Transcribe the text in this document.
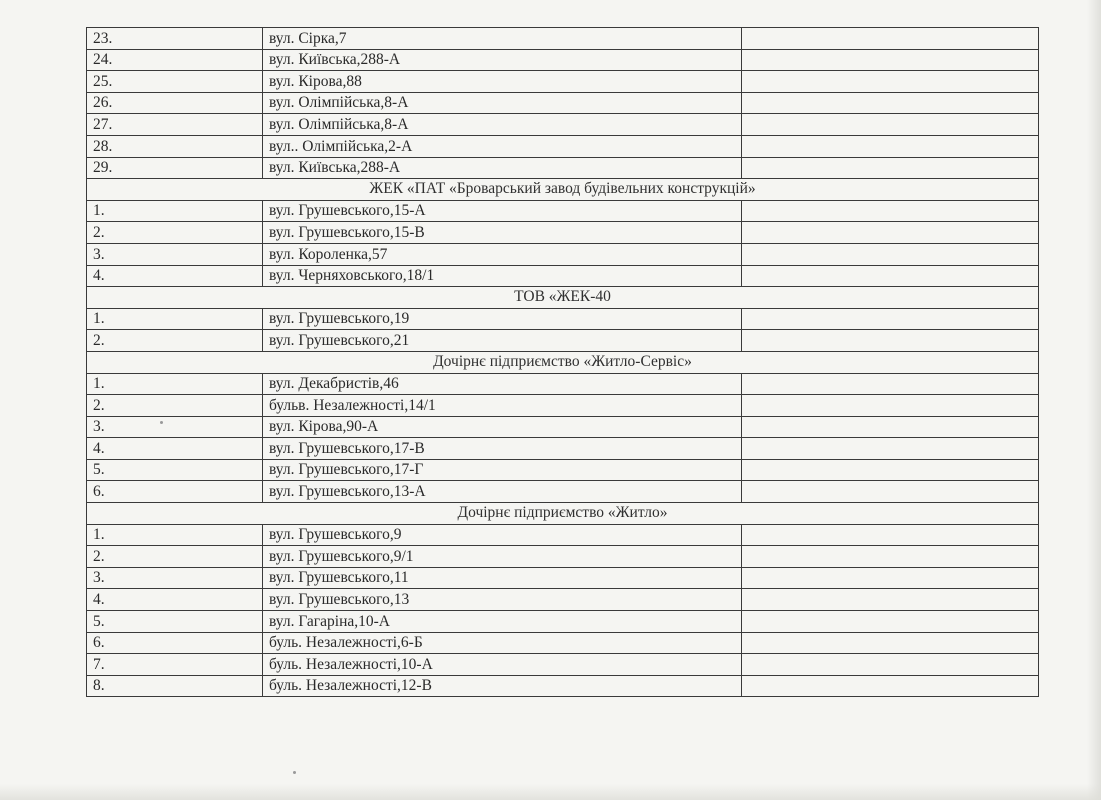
23.	вул. Сірка,7	
24.	вул. Київська,288-А	
25.	вул. Кірова,88	
26.	вул. Олімпійська,8-А	
27.	вул. Олімпійська,8-А	
28.	вул.. Олімпійська,2-А	
29.	вул. Київська,288-А	
ЖЕК «ПАТ «Броварський завод будівельних конструкцій»		
1.	вул. Грушевського,15-А	
2.	вул. Грушевського,15-В	
3.	вул. Короленка,57	
4.	вул. Черняховського,18/1	
ТОВ «ЖЕК-40		
1.	вул. Грушевського,19	
2.	вул. Грушевського,21	
Дочірнє підприємство «Житло-Сервіс»		
1.	вул. Декабристів,46	
2.	бульв. Незалежності,14/1	
3.	вул. Кірова,90-А	
4.	вул. Грушевського,17-В	
5.	вул. Грушевського,17-Г	
6.	вул. Грушевського,13-А	
Дочірнє підприємство «Житло»		
1.	вул. Грушевського,9	
2.	вул. Грушевського,9/1	
3.	вул. Грушевського,11	
4.	вул. Грушевського,13	
5.	вул. Гагаріна,10-А	
6.	буль. Незалежності,6-Б	
7.	буль. Незалежності,10-А	
8.	буль. Незалежності,12-В	
